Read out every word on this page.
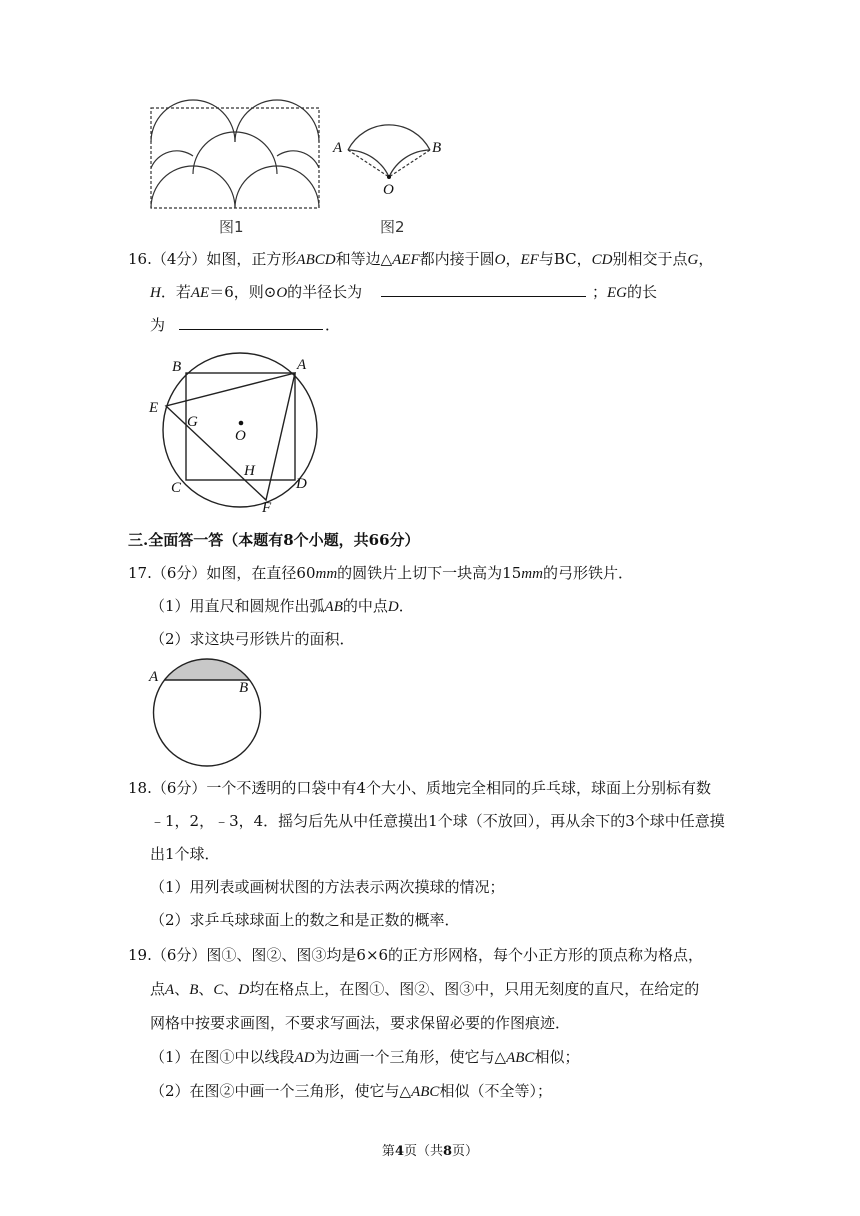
图1
A	B
O
图2
16.（4分）如图，正方形ABCD和等边△AEF都内接于圆O，EF与BC，CD别相交于点G，
H．若AE＝6，则⊙O的半径长为	；EG的长
为	．
B	A
E
G
O
H
C	D
F
三.全面答一答（本题有8个小题，共66分）
17.（6分）如图，在直径60mm的圆铁片上切下一块高为15mm的弓形铁片．
（1）用直尺和圆规作出弧AB的中点D．
（2）求这块弓形铁片的面积．
A
B
18.（6分）一个不透明的口袋中有4个大小、质地完全相同的乒乓球，球面上分别标有数
﹣1，2，﹣3，4．摇匀后先从中任意摸出1个球（不放回），再从余下的3个球中任意摸
出1个球．
（1）用列表或画树状图的方法表示两次摸球的情况；
（2）求乒乓球球面上的数之和是正数的概率．
19.（6分）图①、图②、图③均是6×6的正方形网格，每个小正方形的顶点称为格点，
点A、B、C、D均在格点上，在图①、图②、图③中，只用无刻度的直尺，在给定的
网格中按要求画图，不要求写画法，要求保留必要的作图痕迹．
（1）在图①中以线段AD为边画一个三角形，使它与△ABC相似；
（2）在图②中画一个三角形，使它与△ABC相似（不全等）；
第4页（共8页）
